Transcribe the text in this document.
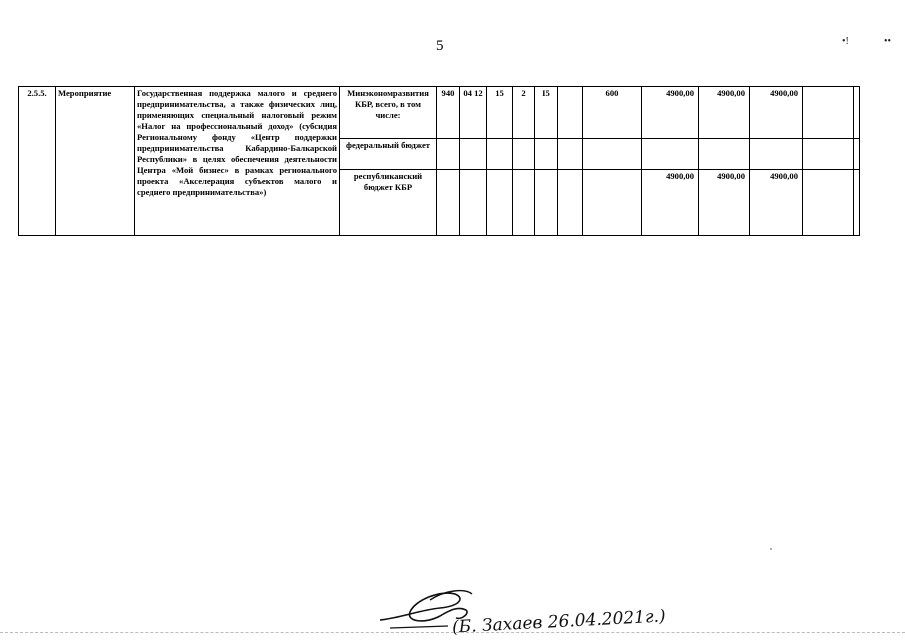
5	•!	••
2.5.5.	Мероприятие	Государственная поддержка малого и среднего предпринимательства, а также физических лиц, применяющих специальный налоговый режим «Налог на профессиональный доход» (субсидия Региональному фонду «Центр поддержки предпринимательства Кабардино-Балкарской Республики» в целях обеспечения деятельности Центра «Мой бизнес» в рамках регионального проекта «Акселерация субъектов малого и среднего предпринимательства»)	Минэкономразвития КБР, всего, в том числе:	940	04 12	15	2	I5		600	4900,00	4900,00	4900,00		
			федеральный бюджет												
			республиканский бюджет КБР								4900,00	4900,00	4900,00		
(Б. Захаев 26.04.2021г.)
